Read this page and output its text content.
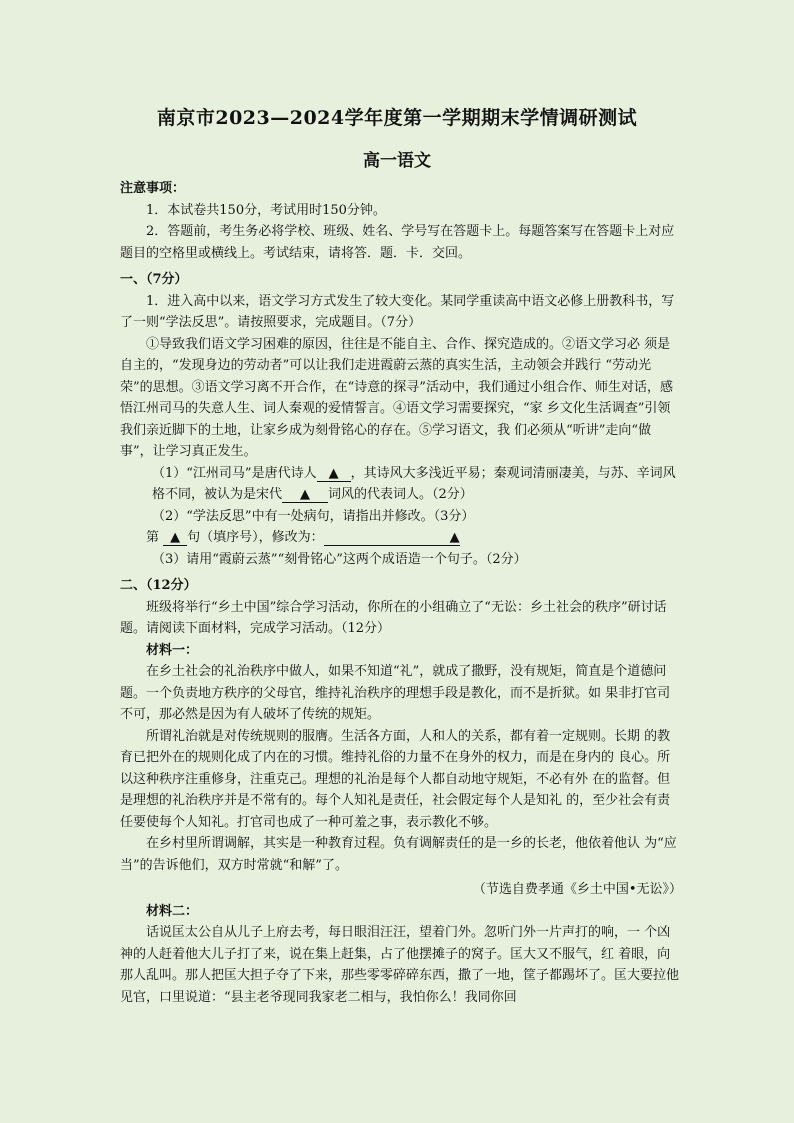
南京市2023—2024学年度第一学期期末学情调研测试
高一语文

注意事项：

1．本试卷共150分，考试用时150分钟。

2．答题前，考生务必将学校、班级、姓名、学号写在答题卡上。每题答案写在答题卡上对应题目的空格里或横线上。考试结束，请将答．题．卡．交回。

一、（7分）

1．进入高中以来，语文学习方式发生了较大变化。某同学重读高中语文必修上册教科书，写了一则“学法反思”。请按照要求，完成题目。（7分）

①导致我们语文学习困难的原因，往往是不能自主、合作、探究造成的。②语文学习必 须是自主的，“发现身边的劳动者”可以让我们走进霞蔚云蒸的真实生活，主动领会并践行 “劳动光荣”的思想。③语文学习离不开合作，在“诗意的探寻”活动中，我们通过小组合作、师生对话，感悟江州司马的失意人生、词人秦观的爱情誓言。④语文学习需要探究，“家 乡文化生活调查”引领我们亲近脚下的土地，让家乡成为刻骨铭心的存在。⑤学习语文，我 们必须从“听讲”走向“做事”，让学习真正发生。

（1）“江州司马”是唐代诗人 ▲ ，其诗风大多浅近平易；秦观词清丽凄美，与苏、辛词风格不同，被认为是宋代 ▲ 词风的代表词人。（2分）

（2）“学法反思”中有一处病句，请指出并修改。（3分）

第 ▲ 句（填序号），修改为：	▲

（3）请用“霞蔚云蒸”“刻骨铭心”这两个成语造一个句子。（2分）

二、（12分）

班级将举行“乡土中国”综合学习活动，你所在的小组确立了“无讼：乡土社会的秩序”研讨话题。请阅读下面材料，完成学习活动。（12分）

材料一：

在乡土社会的礼治秩序中做人，如果不知道“礼”，就成了撒野，没有规矩，简直是个道德问题。一个负责地方秩序的父母官，维持礼治秩序的理想手段是教化，而不是折狱。如 果非打官司不可，那必然是因为有人破坏了传统的规矩。

所谓礼治就是对传统规则的服膺。生活各方面，人和人的关系，都有着一定规则。长期 的教育已把外在的规则化成了内在的习惯。维持礼俗的力量不在身外的权力，而是在身内的 良心。所以这种秩序注重修身，注重克己。理想的礼治是每个人都自动地守规矩，不必有外 在的监督。但是理想的礼治秩序并是不常有的。每个人知礼是责任，社会假定每个人是知礼 的，至少社会有责任要使每个人知礼。打官司也成了一种可羞之事，表示教化不够。

在乡村里所谓调解，其实是一种教育过程。负有调解责任的是一乡的长老，他依着他认 为“应当”的告诉他们，双方时常就“和解”了。

（节选自费孝通《乡土中国•无讼》）

材料二：

话说匡太公自从儿子上府去考，每日眼泪汪汪，望着门外。忽听门外一片声打的响，一 个凶神的人赶着他大儿子打了来，说在集上赶集，占了他摆摊子的窝子。匡大又不服气，红 着眼，向那人乱叫。那人把匡大担子夺了下来，那些零零碎碎东西，撒了一地，筐子都踢坏了。匡大要拉他见官，口里说道：“县主老爷现同我家老二相与，我怕你么！我同你回
